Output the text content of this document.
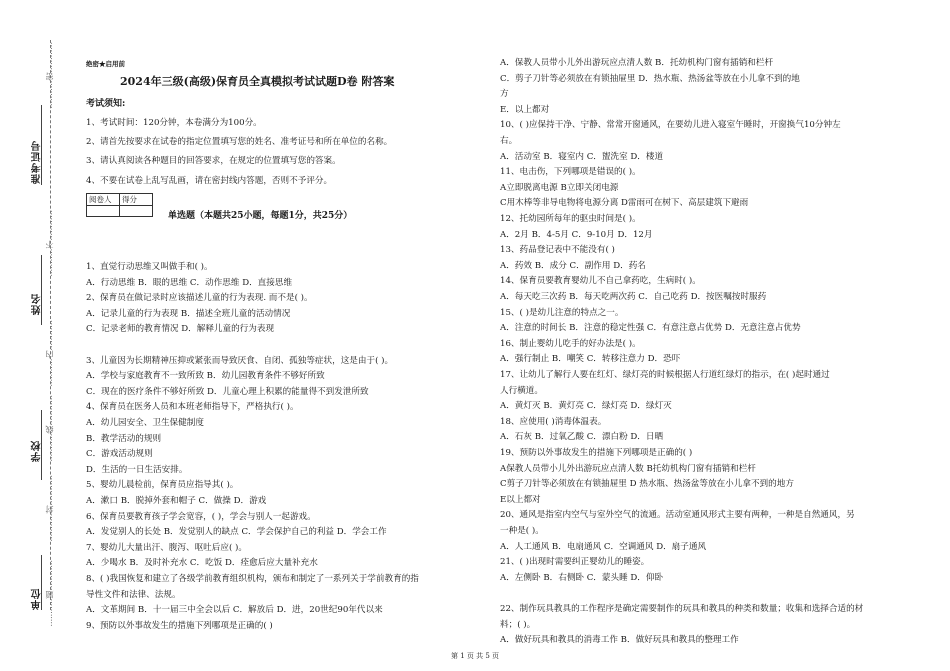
...........密............
准考证号
...........不............
姓名
...........内............
...........线............
学校
...........封............
单位 ...........题............
绝密★启用前
2024年三级(高级)保育员全真模拟考试试题D卷 附答案
考试须知:
1、考试时间：120分钟，本卷满分为100分。
2、请首先按要求在试卷的指定位置填写您的姓名、准考证号和所在单位的名称。
3、请认真阅读各种题目的回答要求，在规定的位置填写您的答案。
4、不要在试卷上乱写乱画，请在密封线内答题，否则不予评分。
阅卷人	得分

单选题（本题共25小题，每题1分，共25分）
1、直觉行动思维又叫做手和( )。
A．行动思维 B．眼的思维 C．动作思维 D．直接思维
2、保育员在做记录时应该描述儿童的行为表现. 而不是( )。
A．记录儿童的行为表现 B．描述全班儿童的活动情况
C．记录老师的教育情况 D．解释儿童的行为表现
3、儿童因为长期精神压抑或紧张而导致厌食、自闭、孤独等症状，这是由于( )。
A．学校与家庭教育不一致所致 B．幼儿园教育条件不够好所致
C．现在的医疗条件不够好所致 D．儿童心理上积累的能量得不到发泄所致
4、保育员在医务人员和本班老师指导下，严格执行( )。
A．幼儿园安全、卫生保健制度
B．教学活动的规则
C．游戏活动规则
D．生活的一日生活安排。
5、婴幼儿晨检前，保育员应指导其( )。
A．漱口 B．脱掉外套和帽子 C．做操 D．游戏
6、保育员要教育孩子学会宽容，( )，学会与别人一起游戏。
A．发觉别人的长处 B．发觉别人的缺点 C．学会保护自己的利益 D．学会工作
7、婴幼儿大量出汗、腹泻、呕吐后应( )。
A．少喝水 B．及时补充水 C．吃饭 D．痊愈后应大量补充水
8、( )我国恢复和建立了各级学前教育组织机构，颁布和制定了一系列关于学前教育的指
导性文件和法律、法规。
A．文革期间 B．十一届三中全会以后 C．解放后 D．进，20世纪90年代以来
9、预防以外事故发生的措施下列哪项是正确的( )
A．保教人员带小儿外出游玩应点清人数 B．托幼机构门窗有插销和栏杆
C．剪子刀针等必须放在有锁抽屉里 D．热水瓶、热汤盆等放在小儿拿不到的地
方
E．以上都对
10、( )应保持干净、宁静、常常开窗通风，在要幼儿进入寝室午睡时，开窗换气10分钟左
右。
A．活动室 B．寝室内 C．盥洗室 D．楼道
11、电击伤，下列哪项是错误的( )。
A立即脱离电源 B立即关闭电源
C用木棒等非导电物将电源分离 D雷雨可在树下、高层建筑下避雨
12、托幼园所每年的驱虫时间是( )。
A．2月 B．4-5月 C．9-10月 D．12月
13、药品登记表中不能没有( )
A．药效 B．成分 C．副作用 D．药名
14、保育员要教育婴幼儿不自己拿药吃，生病时( )。
A．每天吃三次药 B．每天吃两次药 C．自己吃药 D．按医嘱按时服药
15、( )是幼儿注意的特点之一。
A．注意的时间长 B．注意的稳定性强 C．有意注意占优势 D．无意注意占优势
16、制止婴幼儿吃手的好办法是( )。
A．强行制止 B．嘲笑 C．转移注意力 D．恐吓
17、让幼儿了解行人要在红灯、绿灯亮的时候根据人行道红绿灯的指示，在( )起时通过
人行横道。
A．黄灯灭 B．黄灯亮 C．绿灯亮 D．绿灯灭
18、应使用( )消毒体温表。
A．石灰 B．过氧乙酸 C．漂白粉 D．日晒
19、预防以外事故发生的措施下列哪项是正确的( )
A保教人员带小儿外出游玩应点清人数 B托幼机构门窗有插销和栏杆
C剪子刀针等必须放在有锁抽屉里 D 热水瓶、热汤盆等放在小儿拿不到的地方
E以上都对
20、通风是指室内空气与室外空气的流通。活动室通风形式主要有两种，一种是自然通风，另
一种是( )。
A．人工通风 B．电扇通风 C．空调通风 D．扇子通风
21、( )出现时需要纠正婴幼儿的睡姿。
A．左侧卧 B．右侧卧 C．蒙头睡 D．仰卧
22、制作玩具教具的工作程序是确定需要制作的玩具和教具的种类和数量；收集和选择合适的材
料；( )。
A．做好玩具和教具的消毒工作 B．做好玩具和教具的整理工作
第 1 页 共 5 页
